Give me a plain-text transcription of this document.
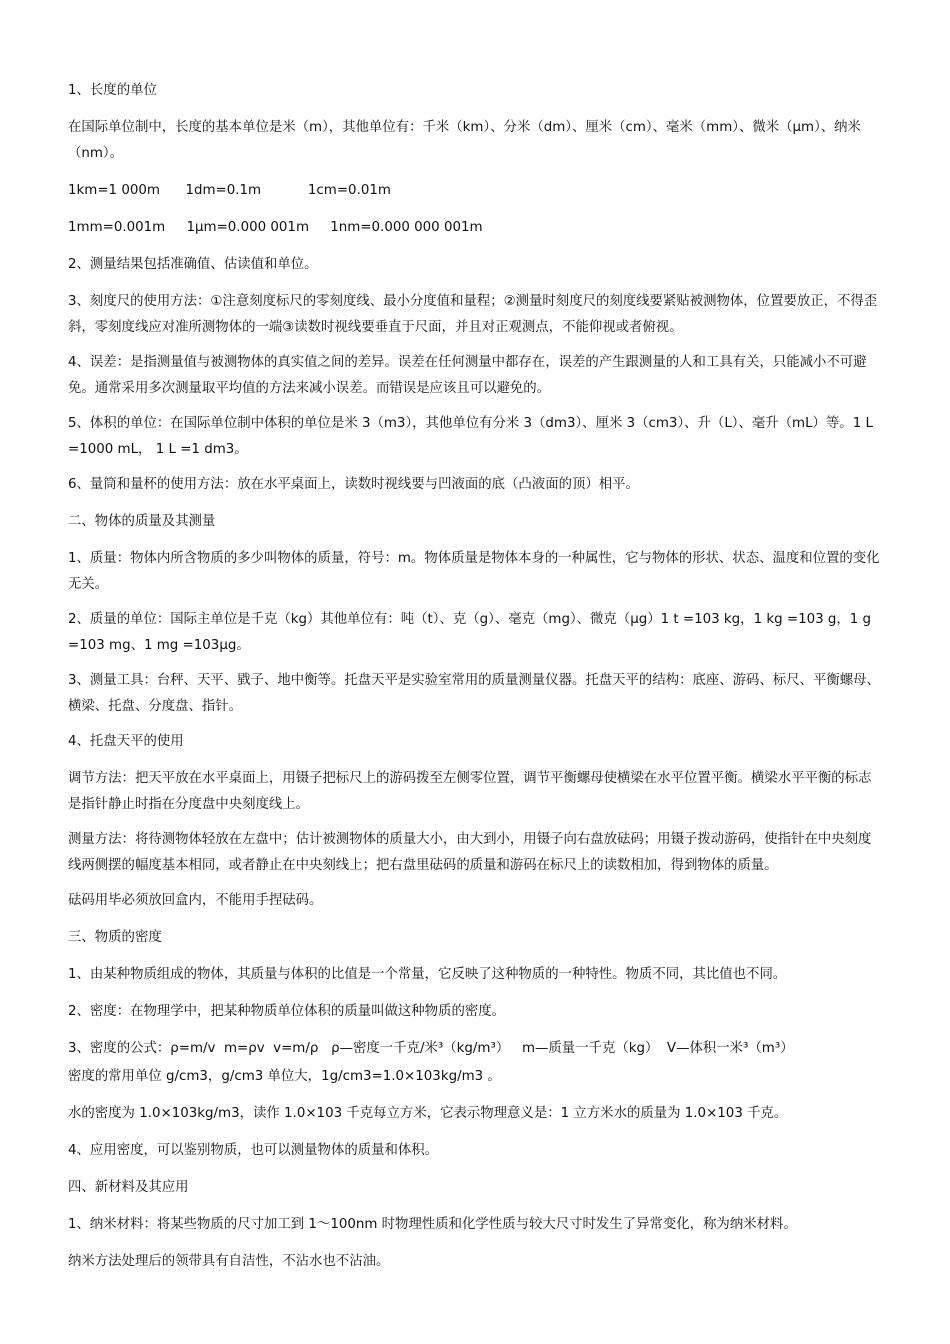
1、长度的单位

在国际单位制中，长度的基本单位是米（m），其他单位有：千米（km）、分米（dm）、厘米（cm）、毫米（mm）、微米（μm）、纳米（nm）。

1km=1 000m      1dm=0.1m           1cm=0.01m

1mm=0.001m     1μm=0.000 001m     1nm=0.000 000 001m

2、测量结果包括准确值、估读值和单位。

3、刻度尺的使用方法：①注意刻度标尺的零刻度线、最小分度值和量程；②测量时刻度尺的刻度线要紧贴被测物体，位置要放正，不得歪斜，零刻度线应对准所测物体的一端③读数时视线要垂直于尺面，并且对正观测点，不能仰视或者俯视。

4、误差：是指测量值与被测物体的真实值之间的差异。误差在任何测量中都存在，误差的产生跟测量的人和工具有关，只能减小不可避免。通常采用多次测量取平均值的方法来减小误差。而错误是应该且可以避免的。

5、体积的单位：在国际单位制中体积的单位是米 3（m3），其他单位有分米 3（dm3）、厘米 3（cm3）、升（L）、毫升（mL）等。1 L =1000 mL， 1 L =1 dm3。

6、量筒和量杯的使用方法：放在水平桌面上，读数时视线要与凹液面的底（凸液面的顶）相平。

二、物体的质量及其测量

1、质量：物体内所含物质的多少叫物体的质量，符号：m。物体质量是物体本身的一种属性，它与物体的形状、状态、温度和位置的变化无关。

2、质量的单位：国际主单位是千克（kg）其他单位有：吨（t）、克（g）、毫克（mg）、微克（μg）1 t =103 kg，1 kg =103 g，1 g =103 mg、1 mg =103μg。

3、测量工具：台秤、天平、戥子、地中衡等。托盘天平是实验室常用的质量测量仪器。托盘天平的结构：底座、游码、标尺、平衡螺母、横梁、托盘、分度盘、指针。

4、托盘天平的使用

调节方法：把天平放在水平桌面上，用镊子把标尺上的游码拨至左侧零位置，调节平衡螺母使横梁在水平位置平衡。横梁水平平衡的标志是指针静止时指在分度盘中央刻度线上。

测量方法：将待测物体轻放在左盘中；估计被测物体的质量大小，由大到小，用镊子向右盘放砝码；用镊子拨动游码，使指针在中央刻度线两侧摆的幅度基本相同，或者静止在中央刻线上；把右盘里砝码的质量和游码在标尺上的读数相加，得到物体的质量。

砝码用毕必须放回盒内，不能用手捏砝码。

三、物质的密度

1、由某种物质组成的物体，其质量与体积的比值是一个常量，它反映了这种物质的一种特性。物质不同，其比值也不同。

2、密度：在物理学中，把某种物质单位体积的质量叫做这种物质的密度。

3、密度的公式：ρ=m/v  m=ρv  v=m/ρ   ρ—密度一千克/米³（kg/m³）   m—质量一千克（kg）  V—体积一米³（m³）

密度的常用单位 g/cm3，g/cm3 单位大，1g/cm3=1.0×103kg/m3 。

水的密度为 1.0×103kg/m3，读作 1.0×103 千克每立方米，它表示物理意义是：1 立方米水的质量为 1.0×103 千克。

4、应用密度，可以鉴别物质，也可以测量物体的质量和体积。

四、新材料及其应用

1、纳米材料：将某些物质的尺寸加工到 1～100nm 时物理性质和化学性质与较大尺寸时发生了异常变化，称为纳米材料。

纳米方法处理后的领带具有自洁性，不沾水也不沾油。
